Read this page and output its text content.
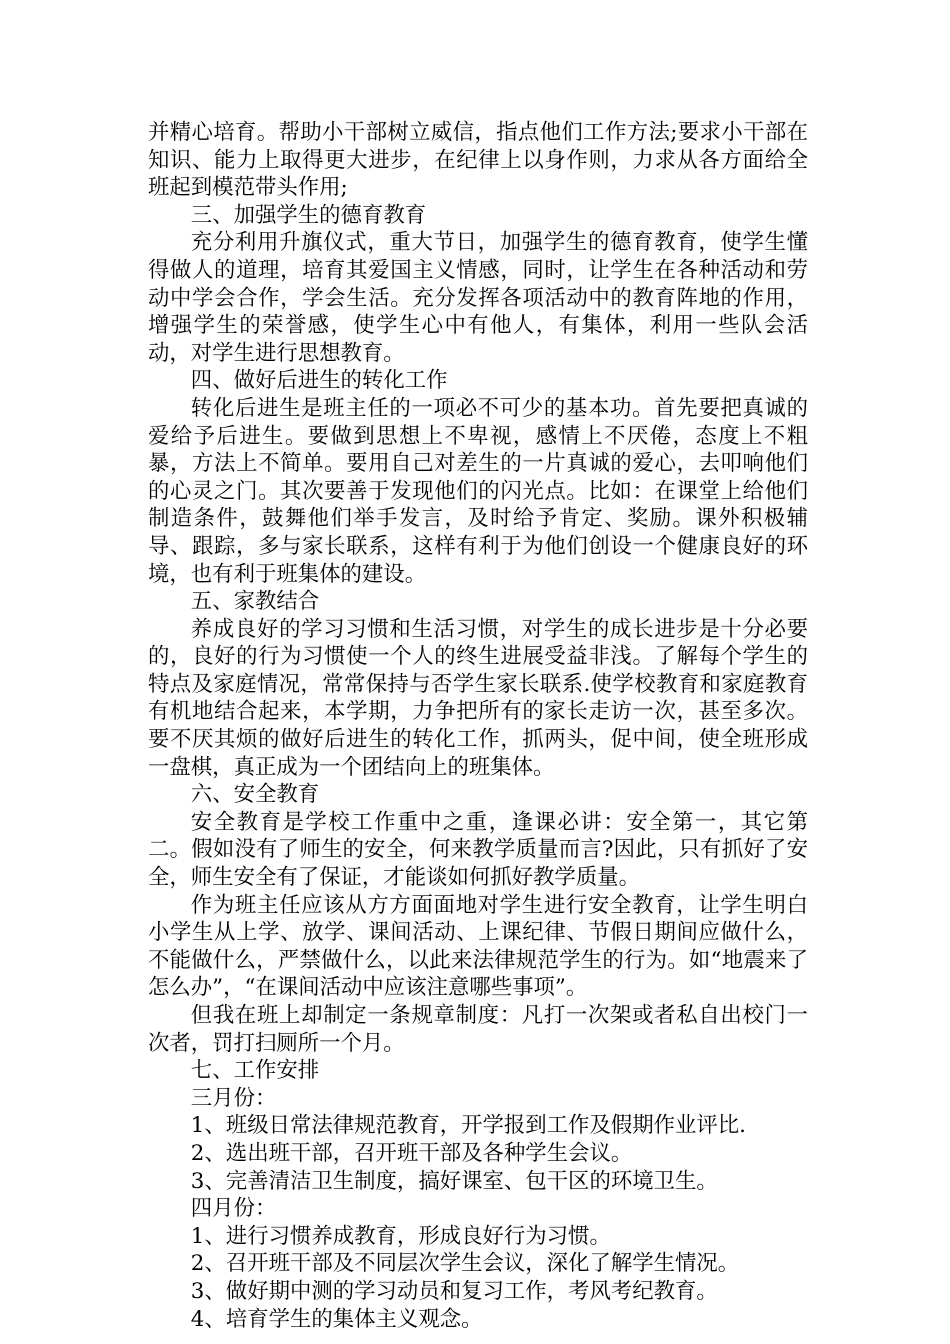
并精心培育。帮助小干部树立威信，指点他们工作方法;要求小干部在知识、能力上取得更大进步，在纪律上以身作则，力求从各方面给全班起到模范带头作用;

三、加强学生的德育教育

充分利用升旗仪式，重大节日，加强学生的德育教育，使学生懂得做人的道理，培育其爱国主义情感，同时，让学生在各种活动和劳动中学会合作，学会生活。充分发挥各项活动中的教育阵地的作用，增强学生的荣誉感，使学生心中有他人，有集体，利用一些队会活动，对学生进行思想教育。

四、做好后进生的转化工作

转化后进生是班主任的一项必不可少的基本功。首先要把真诚的爱给予后进生。要做到思想上不卑视，感情上不厌倦，态度上不粗暴，方法上不简单。要用自己对差生的一片真诚的爱心，去叩响他们的心灵之门。其次要善于发现他们的闪光点。比如：在课堂上给他们制造条件，鼓舞他们举手发言，及时给予肯定、奖励。课外积极辅导、跟踪，多与家长联系，这样有利于为他们创设一个健康良好的环境，也有利于班集体的建设。

五、家教结合

养成良好的学习习惯和生活习惯，对学生的成长进步是十分必要的，良好的行为习惯使一个人的终生进展受益非浅。了解每个学生的特点及家庭情况，常常保持与否学生家长联系.使学校教育和家庭教育有机地结合起来，本学期，力争把所有的家长走访一次，甚至多次。要不厌其烦的做好后进生的转化工作，抓两头，促中间，使全班形成一盘棋，真正成为一个团结向上的班集体。

六、安全教育

安全教育是学校工作重中之重，逢课必讲：安全第一，其它第二。假如没有了师生的安全，何来教学质量而言?因此，只有抓好了安全，师生安全有了保证，才能谈如何抓好教学质量。

作为班主任应该从方方面面地对学生进行安全教育，让学生明白小学生从上学、放学、课间活动、上课纪律、节假日期间应做什么，不能做什么，严禁做什么，以此来法律规范学生的行为。如“地震来了怎么办”，“在课间活动中应该注意哪些事项”。

但我在班上却制定一条规章制度：凡打一次架或者私自出校门一次者，罚打扫厕所一个月。

七、工作安排

三月份：

1、班级日常法律规范教育，开学报到工作及假期作业评比.

2、选出班干部，召开班干部及各种学生会议。

3、完善清洁卫生制度，搞好课室、包干区的环境卫生。

四月份：

1、进行习惯养成教育，形成良好行为习惯。

2、召开班干部及不同层次学生会议，深化了解学生情况。

3、做好期中测的学习动员和复习工作，考风考纪教育。

4、培育学生的集体主义观念。
